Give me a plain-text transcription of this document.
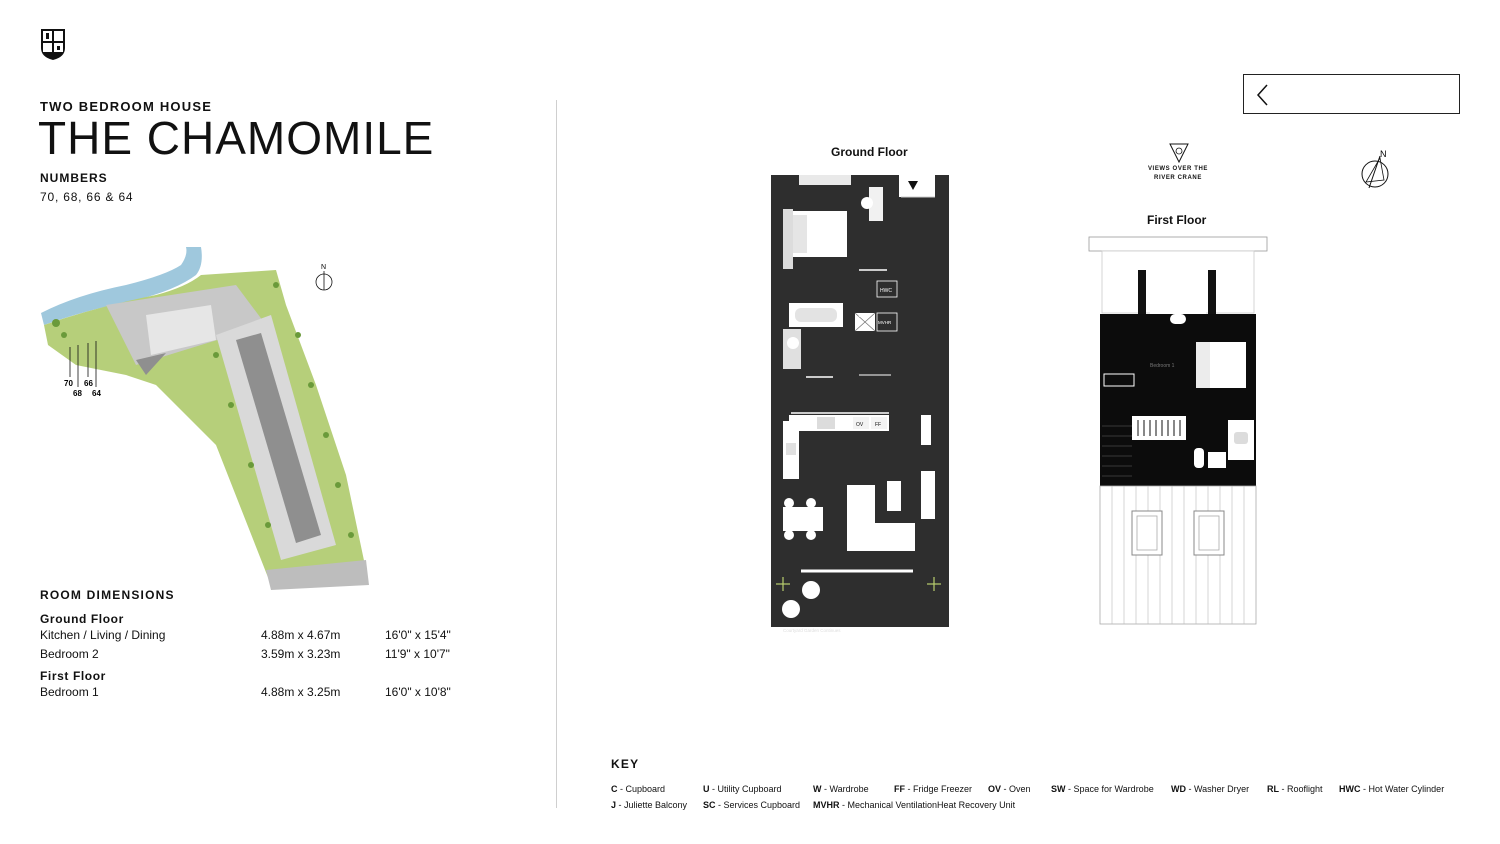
TWO BEDROOM HOUSE
THE CHAMOMILE
NUMBERS
70, 68, 66 & 64
70 66
68 64
N
ROOM DIMENSIONS
Ground Floor
Kitchen / Living / Dining	4.88m x 4.67m	16'0" x 15'4"
Bedroom 2	3.59m x 3.23m	11'9" x 10'7"
First Floor
Bedroom 1	4.88m x 3.25m	16'0" x 10'8"
Ground Floor
First Floor
VIEWS OVER THE
RIVER CRANE
N
HWC
WD
MVHR
OV FF
Courtyard Garden Continues
Bedroom 1
KEY
C - Cupboard	U - Utility Cupboard	W - Wardrobe	FF - Fridge Freezer OV - Oven SW - Space for Wardrobe WD - Washer Dryer RL - Rooflight HWC - Hot Water Cylinder
J - Juliette Balcony SC - Services Cupboard MVHR - Mechanical VentilationHeat Recovery Unit
